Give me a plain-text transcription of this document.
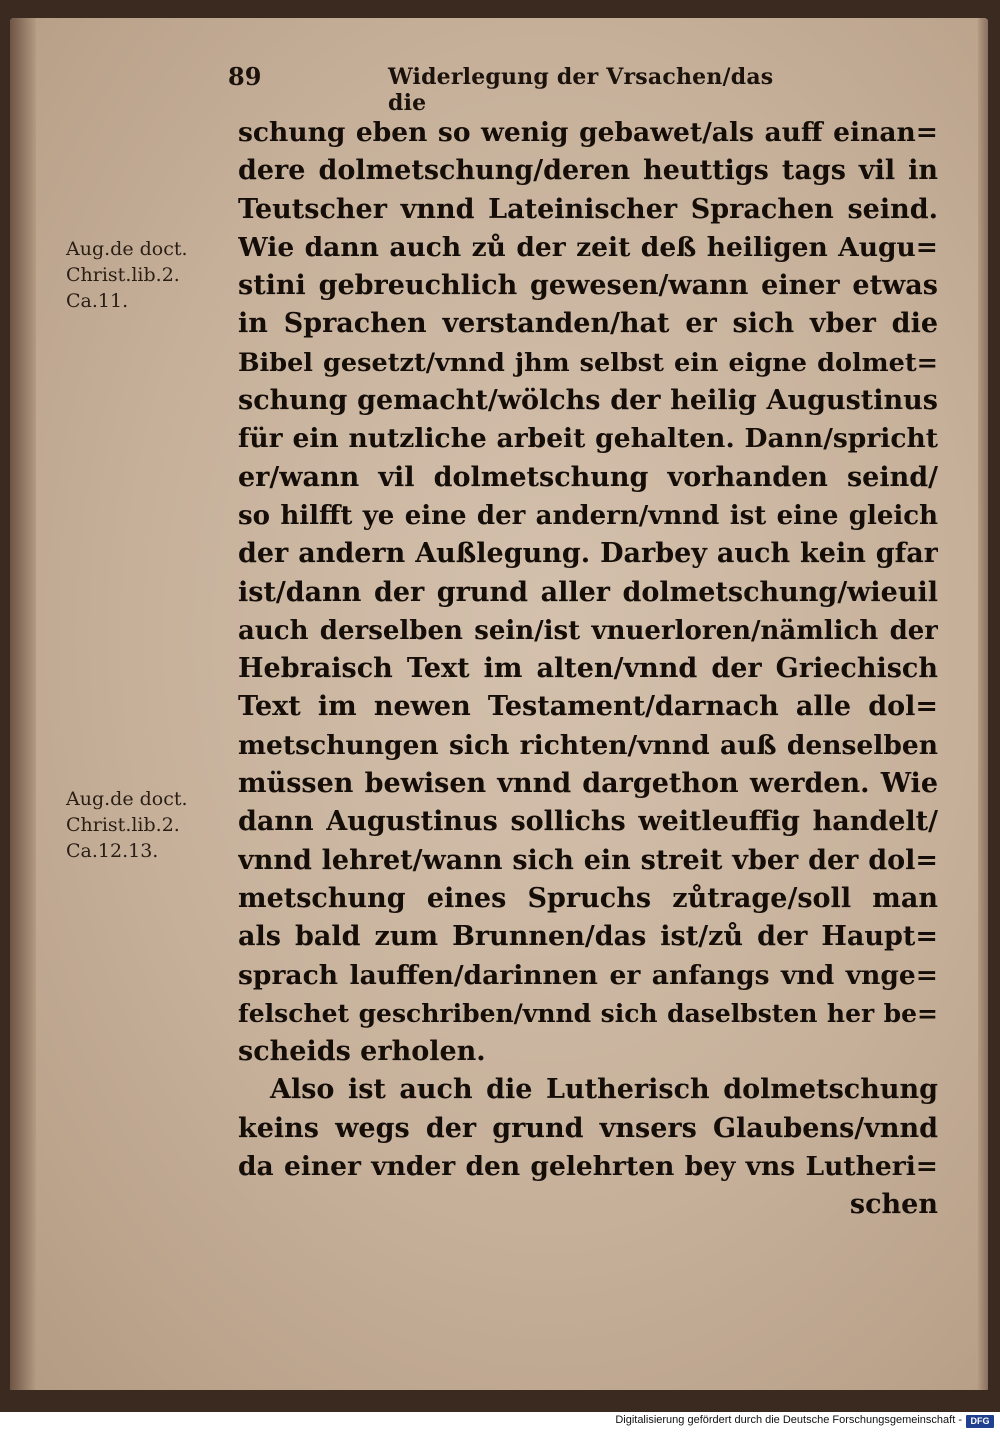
89	Widerlegung der Vrsachen/das die
Aug.de doct.
Christ.lib.2.
Ca.11.
Aug.de doct.
Christ.lib.2.
Ca.12.13.
schung eben so wenig gebawet/als auff einan=
dere dolmetschung/deren heuttigs tags vil in
Teutscher vnnd Lateinischer Sprachen seind.
Wie dann auch zů der zeit deß heiligen Augu=
stini gebreuchlich gewesen/wann einer etwas
in Sprachen verstanden/hat er sich vber die
Bibel gesetzt/vnnd jhm selbst ein eigne dolmet=
schung gemacht/wölchs der heilig Augustinus
für ein nutzliche arbeit gehalten. Dann/spricht
er/wann vil dolmetschung vorhanden seind/
so hilfft ye eine der andern/vnnd ist eine gleich
der andern Außlegung. Darbey auch kein gfar
ist/dann der grund aller dolmetschung/wieuil
auch derselben sein/ist vnuerloren/nämlich der
Hebraisch Text im alten/vnnd der Griechisch
Text im newen Testament/darnach alle dol=
metschungen sich richten/vnnd auß denselben
müssen bewisen vnnd dargethon werden. Wie
dann Augustinus sollichs weitleuffig handelt/
vnnd lehret/wann sich ein streit vber der dol=
metschung eines Spruchs zůtrage/soll man
als bald zum Brunnen/das ist/zů der Haupt=
sprach lauffen/darinnen er anfangs vnd vnge=
felschet geschriben/vnnd sich daselbsten her be=
scheids erholen.
Also ist auch die Lutherisch dolmetschung
keins wegs der grund vnsers Glaubens/vnnd
da einer vnder den gelehrten bey vns Lutheri=
schen
Digitalisierung gefördert durch die Deutsche Forschungsgemeinschaft - DFG
